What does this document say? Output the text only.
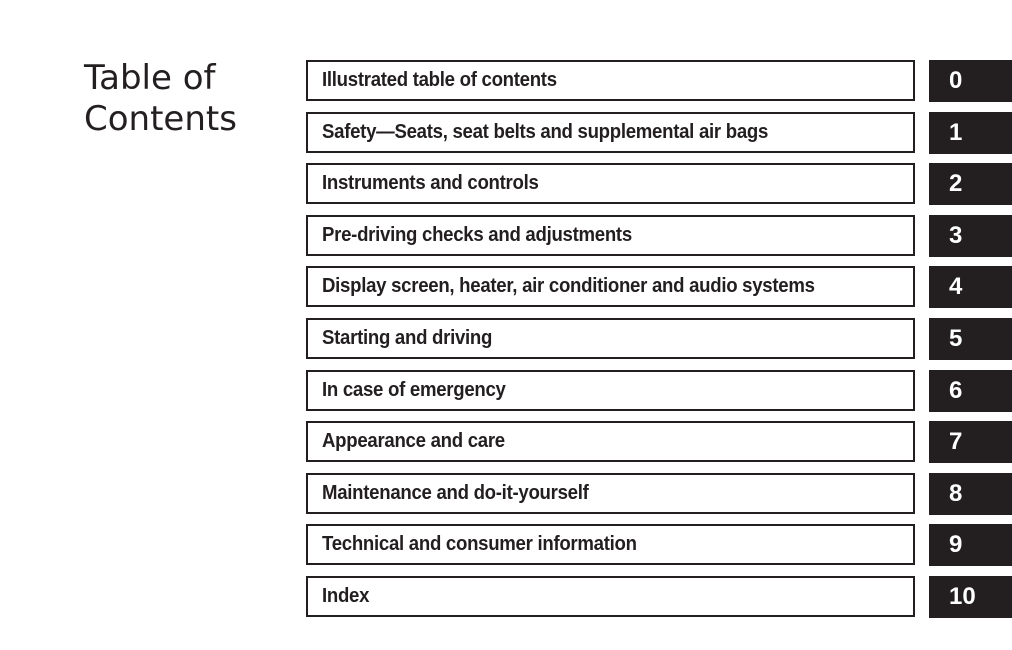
Table of
Contents
Illustrated table of contents	0
Safety—Seats, seat belts and supplemental air bags	1
Instruments and controls	2
Pre-driving checks and adjustments	3
Display screen, heater, air conditioner and audio systems	4
Starting and driving	5
In case of emergency	6
Appearance and care	7
Maintenance and do-it-yourself	8
Technical and consumer information	9
Index	10
